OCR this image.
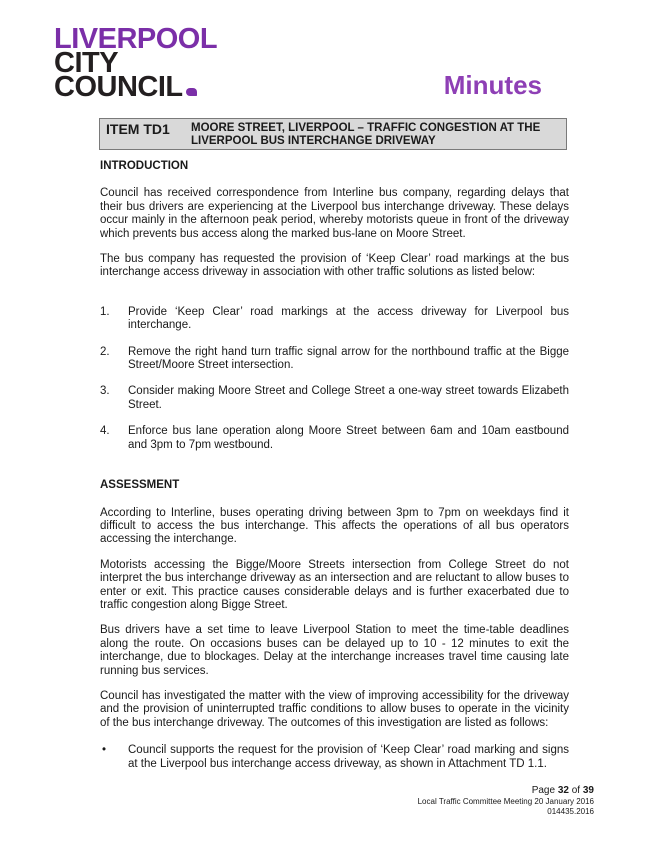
LIVERPOOL
CITY
COUNCIL	Minutes
ITEM TD1 MOORE STREET, LIVERPOOL – TRAFFIC CONGESTION AT THE LIVERPOOL BUS INTERCHANGE DRIVEWAY
INTRODUCTION

Council has received correspondence from Interline bus company, regarding delays that their bus drivers are experiencing at the Liverpool bus interchange driveway. These delays occur mainly in the afternoon peak period, whereby motorists queue in front of the driveway which prevents bus access along the marked bus-lane on Moore Street.

The bus company has requested the provision of ‘Keep Clear’ road markings at the bus interchange access driveway in association with other traffic solutions as listed below:

1. Provide ‘Keep Clear’ road markings at the access driveway for Liverpool bus interchange.
2. Remove the right hand turn traffic signal arrow for the northbound traffic at the Bigge Street/Moore Street intersection.
3. Consider making Moore Street and College Street a one-way street towards Elizabeth Street.
4. Enforce bus lane operation along Moore Street between 6am and 10am eastbound and 3pm to 7pm westbound.
ASSESSMENT

According to Interline, buses operating driving between 3pm to 7pm on weekdays find it difficult to access the bus interchange. This affects the operations of all bus operators accessing the interchange.

Motorists accessing the Bigge/Moore Streets intersection from College Street do not interpret the bus interchange driveway as an intersection and are reluctant to allow buses to enter or exit. This practice causes considerable delays and is further exacerbated due to traffic congestion along Bigge Street.

Bus drivers have a set time to leave Liverpool Station to meet the time-table deadlines along the route. On occasions buses can be delayed up to 10 - 12 minutes to exit the interchange, due to blockages. Delay at the interchange increases travel time causing late running bus services.

Council has investigated the matter with the view of improving accessibility for the driveway and the provision of uninterrupted traffic conditions to allow buses to operate in the vicinity of the bus interchange driveway. The outcomes of this investigation are listed as follows:

• Council supports the request for the provision of ‘Keep Clear’ road marking and signs at the Liverpool bus interchange access driveway, as shown in Attachment TD 1.1.
Page 32 of 39
Local Traffic Committee Meeting 20 January 2016
014435.2016
